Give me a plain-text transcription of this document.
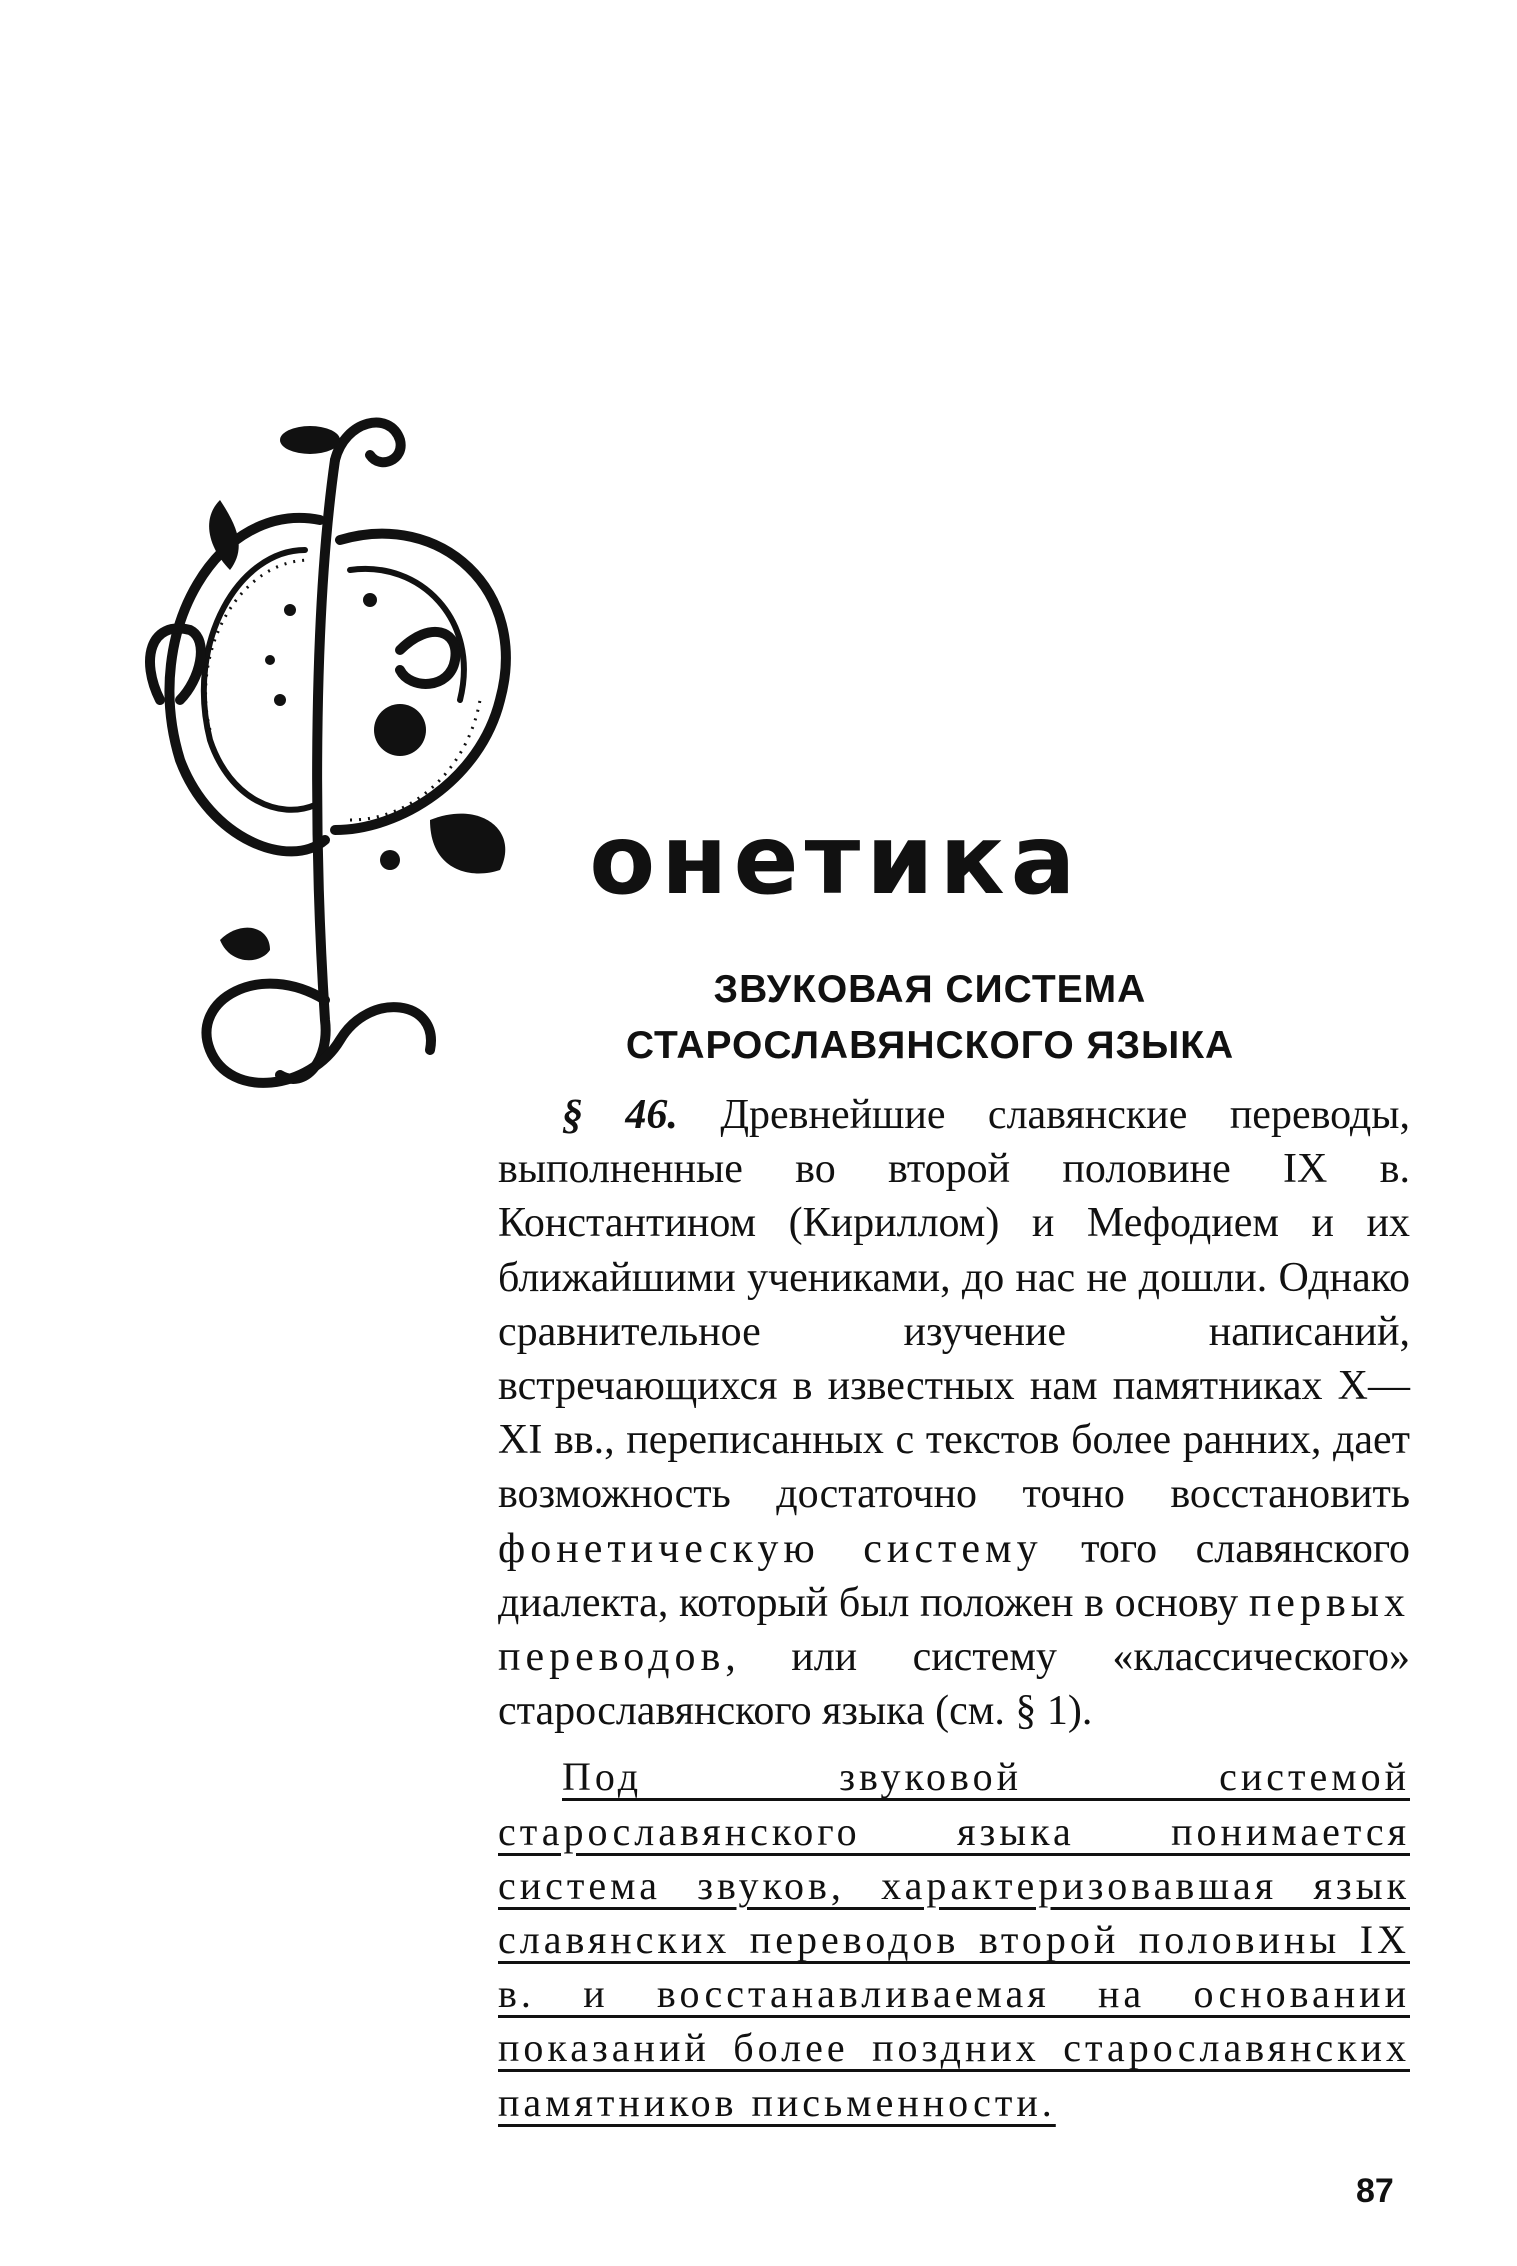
онетика
ЗВУКОВАЯ СИСТЕМА
СТАРОСЛАВЯНСКОГО ЯЗЫКА

§ 46. Древнейшие славянские переводы, выполненные во второй половине IX в. Константином (Кириллом) и Мефодием и их ближайшими учениками, до нас не дошли. Однако сравнительное изучение написаний, встречающихся в известных нам памятниках X—XI вв., переписанных с текстов более ранних, дает возможность достаточно точно восстановить фонетическую систему того славянского диалекта, который был положен в основу первых переводов, или систему «классического» старославянского языка (см. § 1).

Под звуковой системой старославянского языка понимается система звуков, характеризовавшая язык славянских переводов второй половины IX в. и восстанавливаемая на основании показаний более поздних старославянских памятников письменности.

87
